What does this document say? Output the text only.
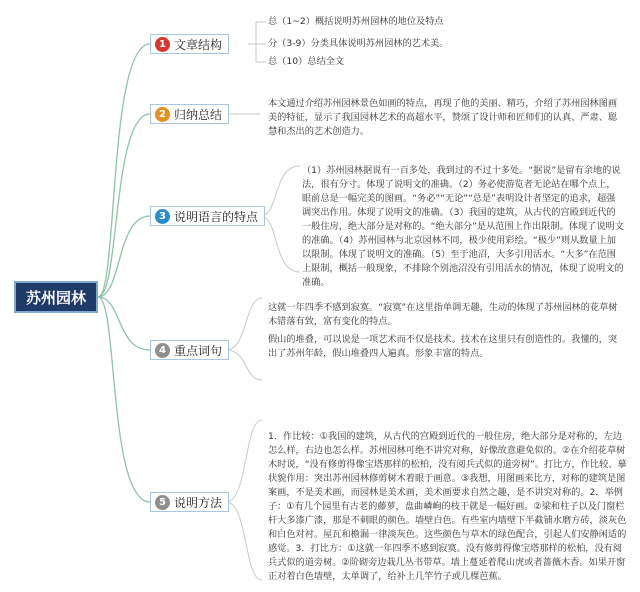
苏州园林
1 文章结构
2 归纳总结
3 说明语言的特点
4 重点词句
5 说明方法
总（1~2）概括说明苏州园林的地位及特点
分（3-9）分类具体说明苏州园林的艺术美。
总（10）总结全文
本文通过介绍苏州园林景色如画的特点，再现了他的美丽、精巧，介绍了苏州园林图画美的特征，显示了我国园林艺术的高超水平，赞颂了设计师和匠师们的认真、严肃、聪慧和杰出的艺术创造力。
（1）苏州园林据说有一百多处，我到过的不过十多处。“据说”是留有余地的说法，很有分寸。体现了说明文的准确。（2）务必使游览者无论站在哪个点上，眼前总是一幅完美的图画。“务必”“无论”“总是”表明设计者坚定的追求，超强调突出作用。体现了说明文的准确。（3）我国的建筑，从古代的宫殿到近代的一般住房，绝大部分是对称的。“绝大部分”是从范围上作出限制。体现了说明文的准确。（4）苏州园林与北京园林不同，极少使用彩绘。“极少”则从数量上加以限制。体现了说明文的准确。（5）至于池沼，大多引用活水。“大多”在范围上限制，概括一般现象，不排除个别池沼没有引用活水的情况，体现了说明文的准确。

这就一年四季不感到寂寞。“寂寞”在这里指单调无趣，生动的体现了苏州园林的花草树木错落有致，富有变化的特点。

假山的堆叠，可以说是一项艺术而不仅是技术。技术在这里只有创造性的。我懂的，突出了苏州年龄，假山堆叠四人遍真。形象丰富的特点。

1．作比较：①我国的建筑，从古代的宫殿到近代的一般住房，绝大部分是对称的，左边怎么样，右边也怎么样。苏州园林可绝不讲究对称，好像故意避免似的。②在介绍花草树木时说，“没有修剪得像宝塔那样的松柏，没有阅兵式似的道旁树”。打比方，作比较、摹状貌作用：突出苏州园林修剪树木着眼于画意。③我想，用图画来比方，对称的建筑是图案画，不是美术画，而园林是美术画，美术画要求自然之趣，是不讲究对称的。2．举例子：①有几个园里有古老的藤萝，盘曲嶙峋的枝干就是一幅好画。②梁和柱子以及门窗栏杆大多漆广漆，那是不刺眼的颜色。墙壁白色。有些室内墙壁下半截铺水磨方砖，淡灰色和白色对衬。屋瓦和檐漏一律淡灰色。这些颜色与草木的绿色配合，引起人们安静闲适的感觉。3．打比方：①这就一年四季不感到寂寞。没有修剪得像宝塔那样的松柏，没有阅兵式似的道旁树。②阶砌旁边栽几丛书带草。墙上蔓延着爬山虎或者蔷薇木香。如果开窗正对着白色墙壁，太单调了，给补上几竿竹子或几棵芭蕉。
